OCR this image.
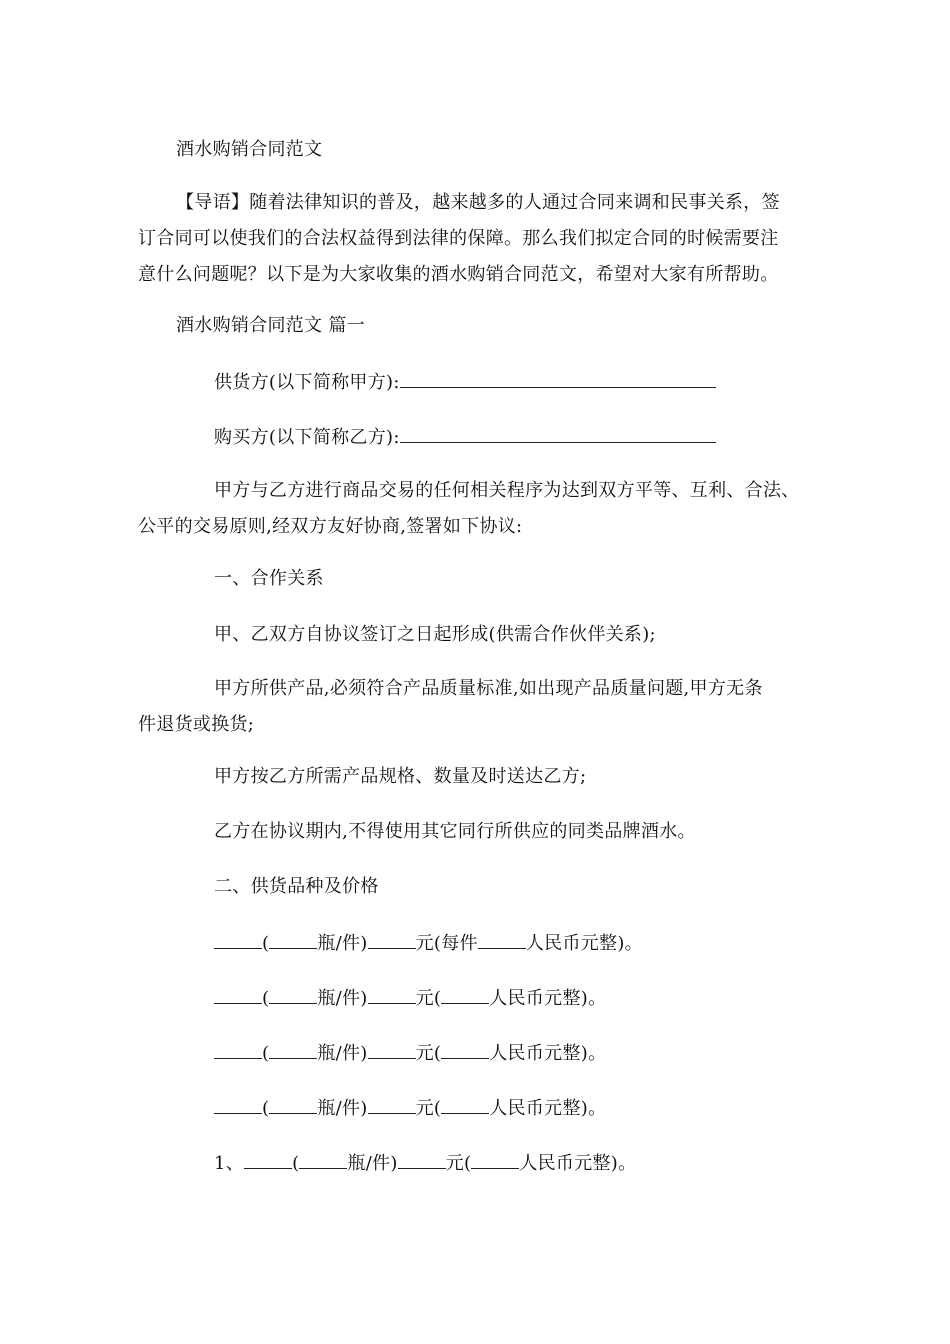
酒水购销合同范文
【导语】随着法律知识的普及，越来越多的人通过合同来调和民事关系，签
订合同可以使我们的合法权益得到法律的保障。那么我们拟定合同的时候需要注
意什么问题呢？以下是为大家收集的酒水购销合同范文，希望对大家有所帮助。
酒水购销合同范文 篇一
供货方(以下简称甲方):
购买方(以下简称乙方):
甲方与乙方进行商品交易的任何相关程序为达到双方平等、互利、合法、
公平的交易原则,经双方友好协商,签署如下协议:
一、合作关系
甲、乙双方自协议签订之日起形成(供需合作伙伴关系);
甲方所供产品,必须符合产品质量标准,如出现产品质量问题,甲方无条
件退货或换货;
甲方按乙方所需产品规格、数量及时送达乙方;
乙方在协议期内,不得使用其它同行所供应的同类品牌酒水。
二、供货品种及价格
(	瓶/件)	元(每件	人民币元整)。
(	瓶/件)	元(	人民币元整)。
(	瓶/件)	元(	人民币元整)。
(	瓶/件)	元(	人民币元整)。
1、	(	瓶/件)	元(	人民币元整)。
